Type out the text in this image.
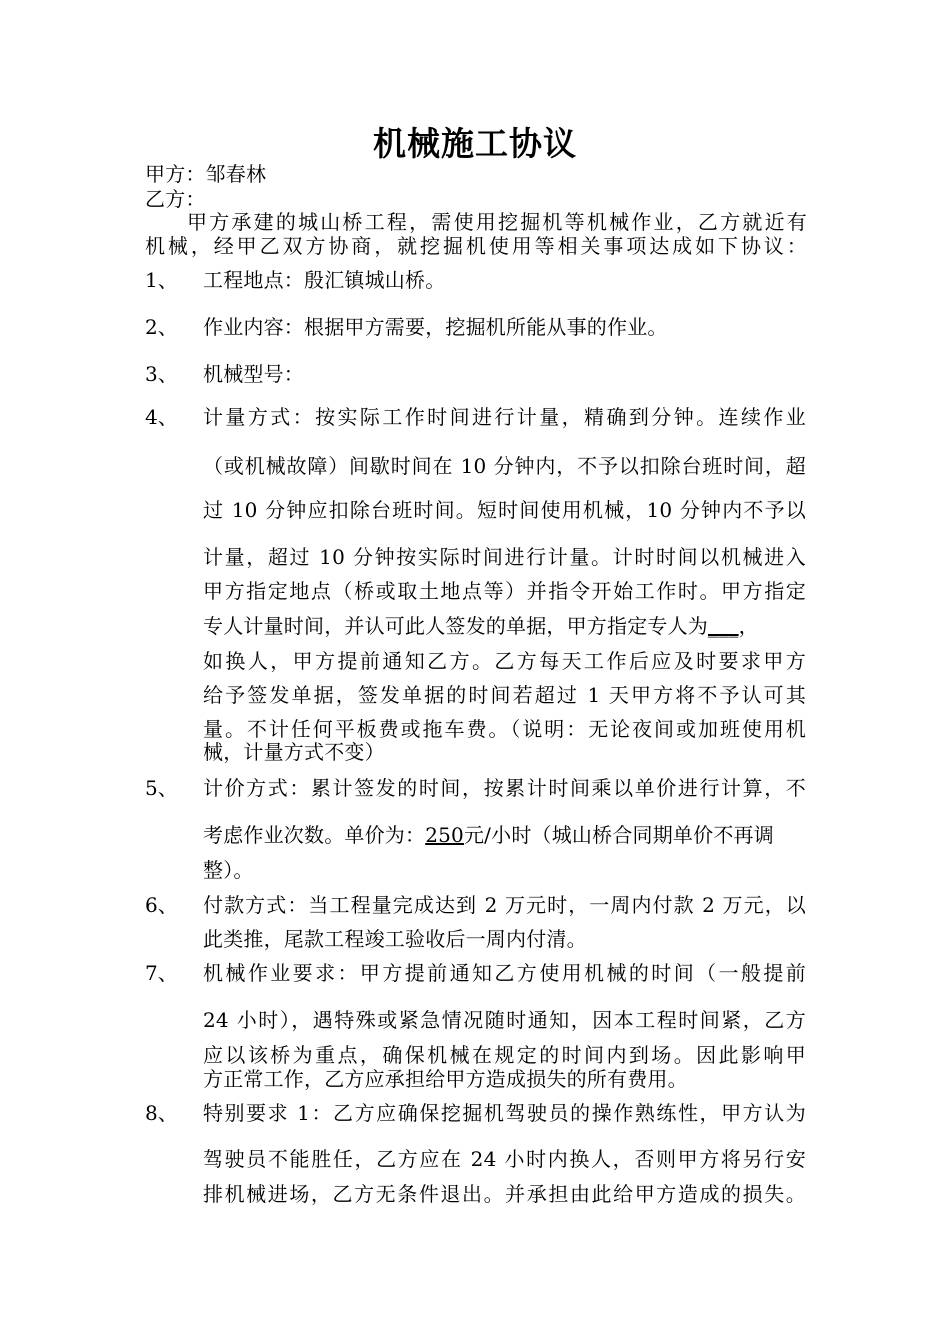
机械施工协议
甲方：邹春林
乙方：
甲方承建的城山桥工程，需使用挖掘机等机械作业，乙方就近有
机械，经甲乙双方协商，就挖掘机使用等相关事项达成如下协议：
1、 工程地点：殷汇镇城山桥。
2、 作业内容：根据甲方需要，挖掘机所能从事的作业。
3、 机械型号：
4、 计量方式：按实际工作时间进行计量，精确到分钟。连续作业
（或机械故障）间歇时间在 10 分钟内，不予以扣除台班时间，超
过 10 分钟应扣除台班时间。短时间使用机械，10 分钟内不予以
计量，超过 10 分钟按实际时间进行计量。计时时间以机械进入
甲方指定地点（桥或取土地点等）并指令开始工作时。甲方指定
专人计量时间，并认可此人签发的单据，甲方指定专人为___，
如换人，甲方提前通知乙方。乙方每天工作后应及时要求甲方
给予签发单据，签发单据的时间若超过 1 天甲方将不予认可其
量。不计任何平板费或拖车费。（说明：无论夜间或加班使用机
械，计量方式不变）
5、 计价方式：累计签发的时间，按累计时间乘以单价进行计算，不
考虑作业次数。单价为：250元/小时（城山桥合同期单价不再调
整）。
6、 付款方式：当工程量完成达到 2 万元时，一周内付款 2 万元，以
此类推，尾款工程竣工验收后一周内付清。
7、 机械作业要求：甲方提前通知乙方使用机械的时间（一般提前
24 小时），遇特殊或紧急情况随时通知，因本工程时间紧，乙方
应以该桥为重点，确保机械在规定的时间内到场。因此影响甲
方正常工作，乙方应承担给甲方造成损失的所有费用。
8、 特别要求 1：乙方应确保挖掘机驾驶员的操作熟练性，甲方认为
驾驶员不能胜任，乙方应在 24 小时内换人，否则甲方将另行安
排机械进场，乙方无条件退出。并承担由此给甲方造成的损失。
